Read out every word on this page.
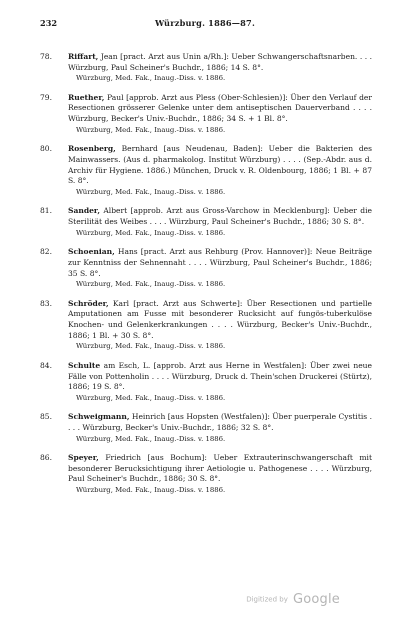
232	Würzburg. 1886—87.
78. Riffart, Jean [pract. Arzt aus Unin a/Rh.]: Ueber Schwangerschaftsnarben. . . . Würzburg, Paul Scheiner's Buchdr., 1886; 14 S. 8°.
Würzburg, Med. Fak., Inaug.-Diss. v. 1886.
79. Ruether, Paul [approb. Arzt aus Pless (Ober-Schlesien)]: Über den Verlauf der Resectionen grösserer Gelenke unter dem antiseptischen Dauerverband . . . . Würzburg, Becker's Univ.-Buchdr., 1886; 34 S. + 1 Bl. 8°.
Würzburg, Med. Fak., Inaug.-Diss. v. 1886.
80. Rosenberg, Bernhard [aus Neudenau, Baden]: Ueber die Bakterien des Mainwassers. (Aus d. pharmakolog. Institut Würzburg) . . . . (Sep.-Abdr. aus d. Archiv für Hygiene. 1886.) München, Druck v. R. Oldenbourg, 1886; 1 Bl. + 87 S. 8°.
Würzburg, Med. Fak., Inaug.-Diss. v. 1886.
81. Sander, Albert [approb. Arzt aus Gross-Varchow in Mecklenburg]: Ueber die Sterilität des Weibes . . . . Würzburg, Paul Scheiner's Buchdr., 1886; 30 S. 8°.
Würzburg, Med. Fak., Inaug.-Diss. v. 1886.
82. Schoenian, Hans [pract. Arzt aus Rehburg (Prov. Hannover)]: Neue Beiträge zur Kenntniss der Sehnennaht . . . . Würzburg, Paul Scheiner's Buchdr., 1886; 35 S. 8°.
Würzburg, Med. Fak., Inaug.-Diss. v. 1886.
83. Schröder, Karl [pract. Arzt aus Schwerte]: Über Resectionen und partielle Amputationen am Fusse mit besonderer Rucksicht auf fungös-tuberkulöse Knochen- und Gelenkerkrankungen . . . . Würzburg, Becker's Univ.-Buchdr., 1886; 1 Bl. + 30 S. 8°.
Würzburg, Med. Fak., Inaug.-Diss. v. 1886.
84. Schulte am Esch, L. [approb. Arzt aus Herne in Westfalen]: Über zwei neue Fälle von Pottenholin . . . . Würzburg, Druck d. Thein'schen Druckerei (Stürtz), 1886; 19 S. 8°.
Würzburg, Med. Fak., Inaug.-Diss. v. 1886.
85. Schweigmann, Heinrich [aus Hopsten (Westfalen)]: Über puerperale Cystitis . . . . Würzburg, Becker's Univ.-Buchdr., 1886; 32 S. 8°.
Würzburg, Med. Fak., Inaug.-Diss. v. 1886.
86. Speyer, Friedrich [aus Bochum]: Ueber Extrauterinschwangerschaft mit besonderer Berucksichtigung ihrer Aetiologie u. Pathogenese . . . . Würzburg, Paul Scheiner's Buchdr., 1886; 30 S. 8°.
Würzburg, Med. Fak., Inaug.-Diss. v. 1886.
Digitized by Google
